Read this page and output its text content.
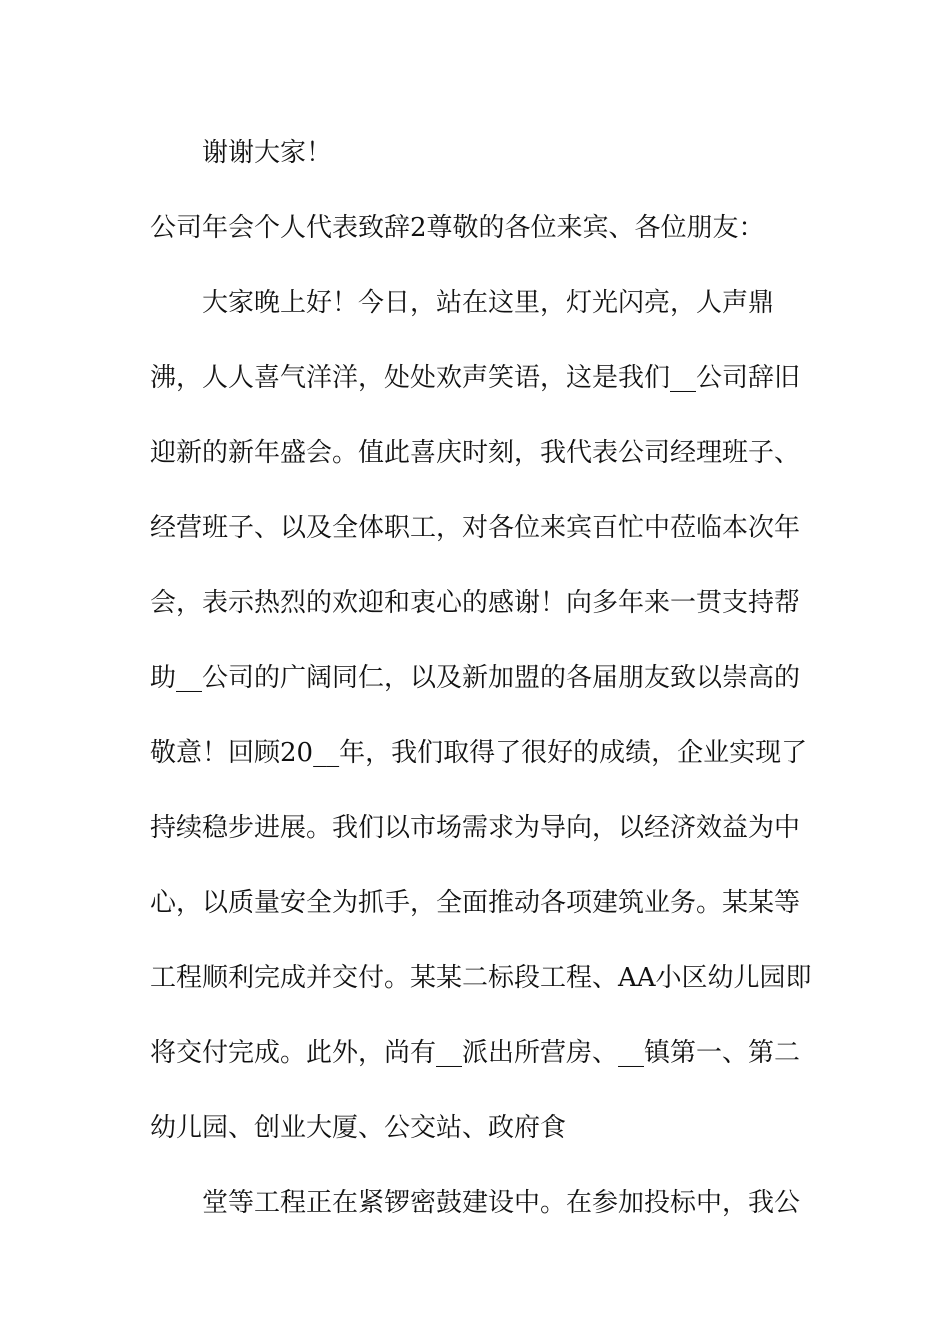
谢谢大家！
公司年会个人代表致辞2尊敬的各位来宾、各位朋友：
大家晚上好！今日，站在这里，灯光闪亮，人声鼎
沸，人人喜气洋洋，处处欢声笑语，这是我们__公司辞旧
迎新的新年盛会。值此喜庆时刻，我代表公司经理班子、
经营班子、以及全体职工，对各位来宾百忙中莅临本次年
会，表示热烈的欢迎和衷心的感谢！向多年来一贯支持帮
助__公司的广阔同仁，以及新加盟的各届朋友致以崇高的
敬意！回顾20__年，我们取得了很好的成绩，企业实现了
持续稳步进展。我们以市场需求为导向，以经济效益为中
心，以质量安全为抓手，全面推动各项建筑业务。某某等
工程顺利完成并交付。某某二标段工程、AA小区幼儿园即
将交付完成。此外，尚有__派出所营房、__镇第一、第二
幼儿园、创业大厦、公交站、政府食
堂等工程正在紧锣密鼓建设中。在参加投标中，我公
